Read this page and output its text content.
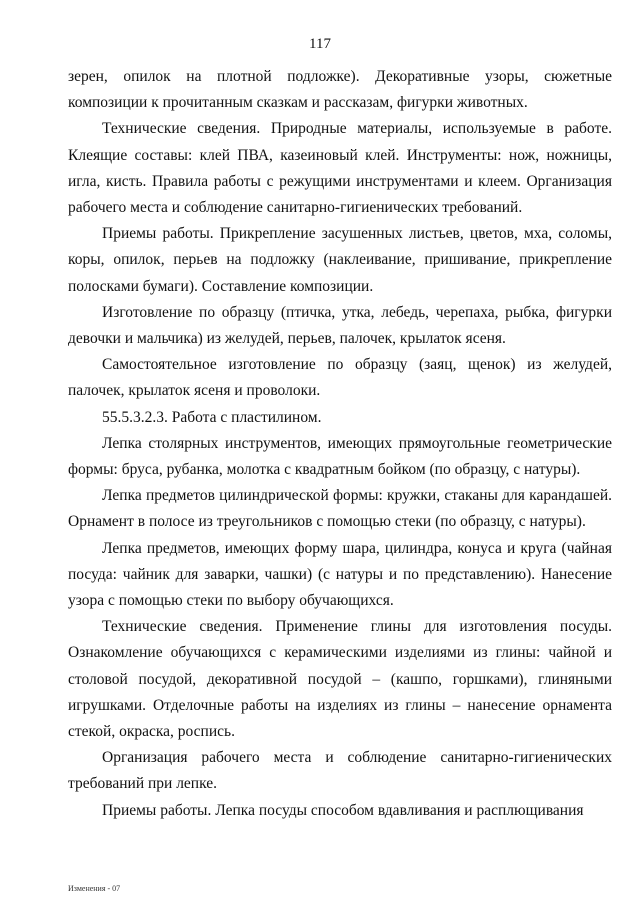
117

зерен, опилок на плотной подложке). Декоративные узоры, сюжетные композиции к прочитанным сказкам и рассказам, фигурки животных.

Технические сведения. Природные материалы, используемые в работе. Клеящие составы: клей ПВА, казеиновый клей. Инструменты: нож, ножницы, игла, кисть. Правила работы с режущими инструментами и клеем. Организация рабочего места и соблюдение санитарно-гигиенических требований.

Приемы работы. Прикрепление засушенных листьев, цветов, мха, соломы, коры, опилок, перьев на подложку (наклеивание, пришивание, прикрепление полосками бумаги). Составление композиции.

Изготовление по образцу (птичка, утка, лебедь, черепаха, рыбка, фигурки девочки и мальчика) из желудей, перьев, палочек, крылаток ясеня.

Самостоятельное изготовление по образцу (заяц, щенок) из желудей, палочек, крылаток ясеня и проволоки.

55.5.3.2.3. Работа с пластилином.

Лепка столярных инструментов, имеющих прямоугольные геометрические формы: бруса, рубанка, молотка с квадратным бойком (по образцу, с натуры).

Лепка предметов цилиндрической формы: кружки, стаканы для карандашей. Орнамент в полосе из треугольников с помощью стеки (по образцу, с натуры).

Лепка предметов, имеющих форму шара, цилиндра, конуса и круга (чайная посуда: чайник для заварки, чашки) (с натуры и по представлению). Нанесение узора с помощью стеки по выбору обучающихся.

Технические сведения. Применение глины для изготовления посуды. Ознакомление обучающихся с керамическими изделиями из глины: чайной и столовой посудой, декоративной посудой – (кашпо, горшками), глиняными игрушками. Отделочные работы на изделиях из глины – нанесение орнамента стекой, окраска, роспись.

Организация рабочего места и соблюдение санитарно-гигиенических требований при лепке.

Приемы работы. Лепка посуды способом вдавливания и расплющивания

Изменения - 07
